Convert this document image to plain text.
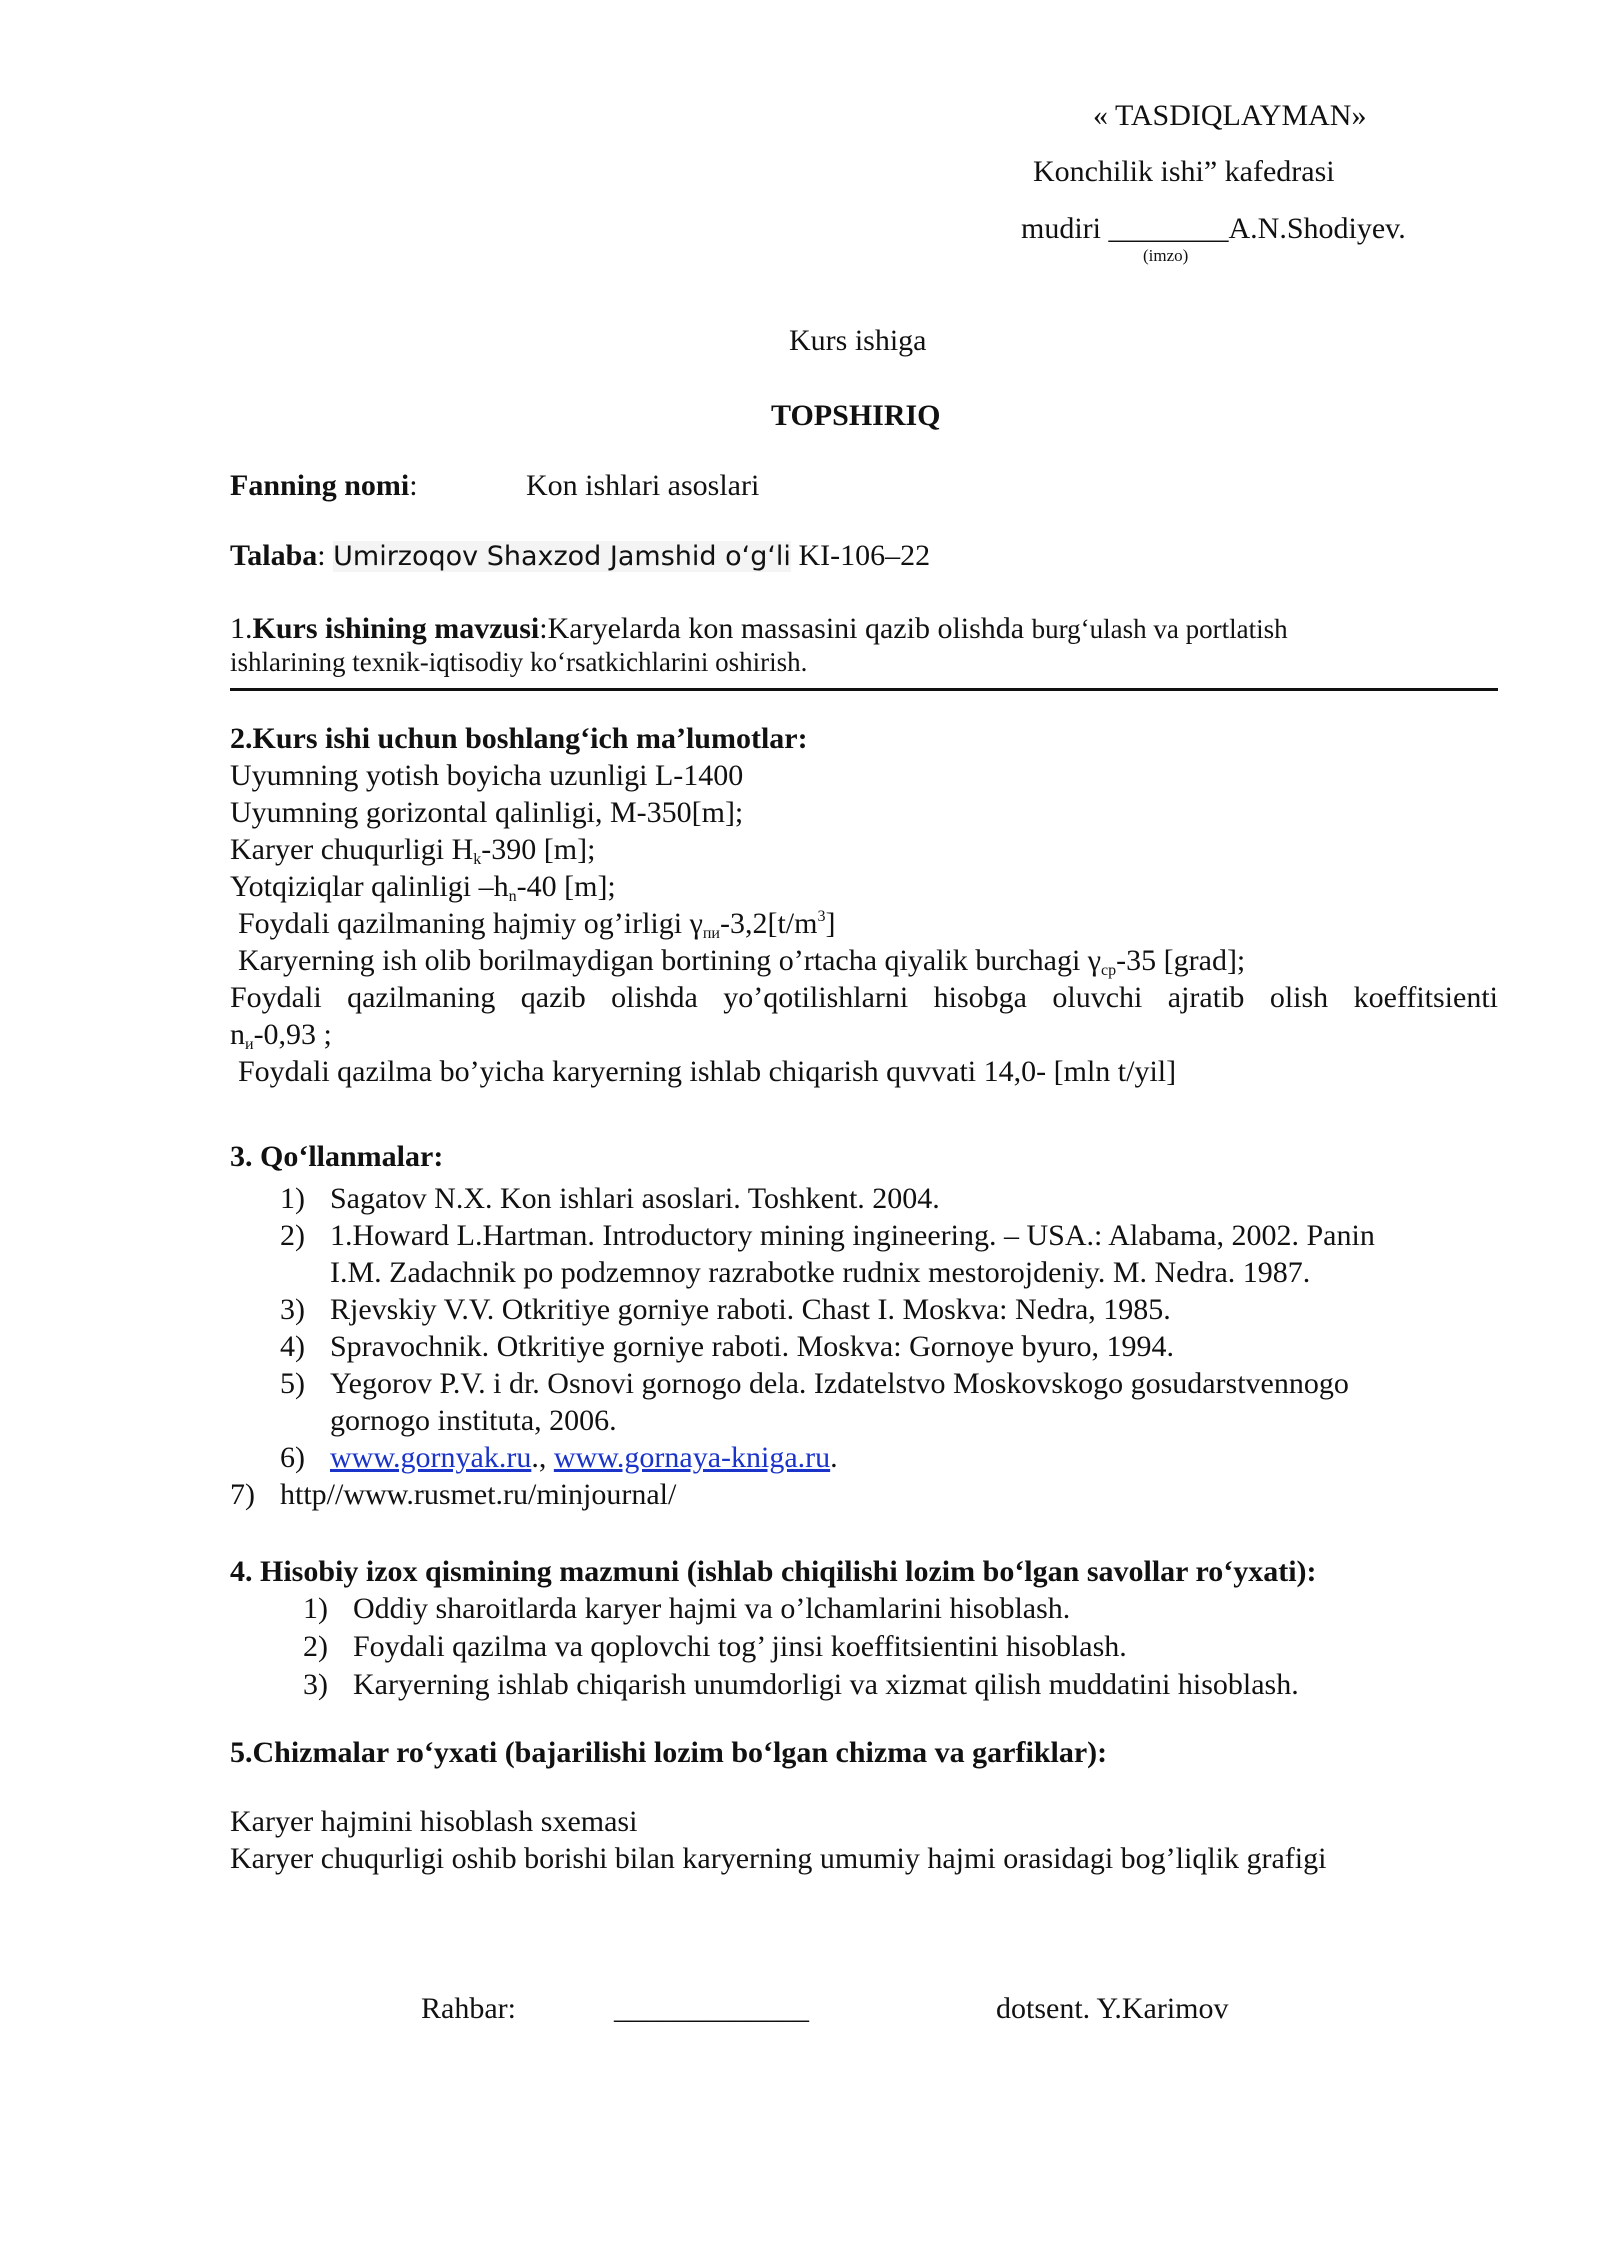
« TASDIQLAYMAN»
Konchilik ishi” kafedrasi
mudiri ________A.N.Shodiyev.
(imzo)
Kurs ishiga
TOPSHIRIQ
Fanning nomi:	Kon ishlari asoslari
Talaba: Umirzoqov Shaxzod Jamshid o‘g‘li KI-106–22
1.Kurs ishining mavzusi:Karyelarda kon massasini qazib olishda burg‘ulash va portlatish
ishlarining texnik-iqtisodiy ko‘rsatkichlarini oshirish.
2.Kurs ishi uchun boshlang‘ich ma’lumotlar:
Uyumning yotish boyicha uzunligi L-1400
Uyumning gorizontal qalinligi, M-350[m];
Karyer chuqurligi $H_k-390$ [m];
Yotqiziqlar qalinligi $-h_n-40$ [m];
Foydali qazilmaning hajmiy og’irligi $\gamma_{пи}-3,2[t/m^3]$
Karyerning ish olib borilmaydigan bortining o’rtacha qiyalik burchagi $\gamma_{ср}-35$ [grad];
Foydali qazilmaning qazib olishda yo’qotilishlarni hisobga oluvchi ajratib olish koeffitsienti
$n_и-0,93$ ;
Foydali qazilma bo’yicha karyerning ishlab chiqarish quvvati 14,0- [mln t/yil]
3. Qo‘llanmalar:
1) Sagatov N.X. Kon ishlari asoslari. Toshkent. 2004.
2) 1.Howard L.Hartman. Introductory mining ingineering. – USA.: Alabama, 2002. Panin
I.M. Zadachnik po podzemnoy razrabotke rudnix mestorojdeniy. M. Nedra. 1987.
3) Rjevskiy V.V. Otkritiye gorniye raboti. Chast I. Moskva: Nedra, 1985.
4) Spravochnik. Otkritiye gorniye raboti. Moskva: Gornoye byuro, 1994.
5) Yegorov P.V. i dr. Osnovi gornogo dela. Izdatelstvo Moskovskogo gosudarstvennogo
gornogo instituta, 2006.
6) www.gornyak.ru., www.gornaya-kniga.ru.
7) http//www.rusmet.ru/minjournal/
4. Hisobiy izox qismining mazmuni (ishlab chiqilishi lozim bo‘lgan savollar ro‘yxati):
1) Oddiy sharoitlarda karyer hajmi va o’lchamlarini hisoblash.
2) Foydali qazilma va qoplovchi tog’ jinsi koeffitsientini hisoblash.
3) Karyerning ishlab chiqarish unumdorligi va xizmat qilish muddatini hisoblash.
5.Chizmalar ro‘yxati (bajarilishi lozim bo‘lgan chizma va garfiklar):
Karyer hajmini hisoblash sxemasi
Karyer chuqurligi oshib borishi bilan karyerning umumiy hajmi orasidagi bog’liqlik grafigi
Rahbar:	_____________	dotsent. Y.Karimov
